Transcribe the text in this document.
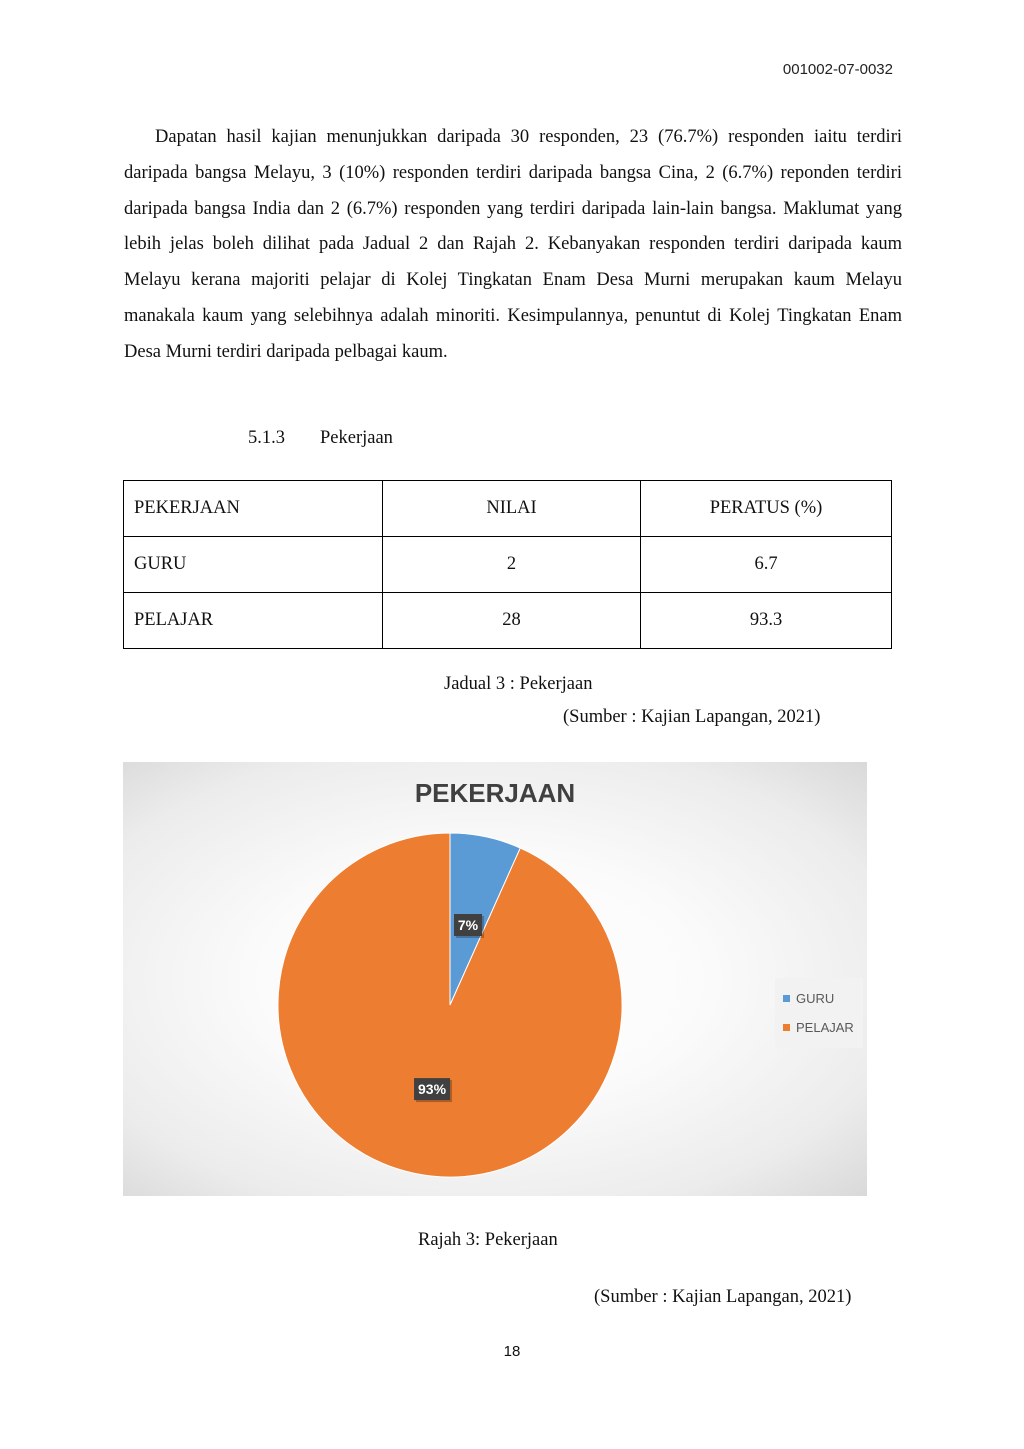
001002-07-0032

Dapatan hasil kajian menunjukkan daripada 30 responden, 23 (76.7%) responden iaitu terdiri daripada bangsa Melayu, 3 (10%) responden terdiri daripada bangsa Cina, 2 (6.7%) reponden terdiri daripada bangsa India dan 2 (6.7%) responden yang terdiri daripada lain-lain bangsa. Maklumat yang lebih jelas boleh dilihat pada Jadual 2 dan Rajah 2. Kebanyakan responden terdiri daripada kaum Melayu kerana majoriti pelajar di Kolej Tingkatan Enam Desa Murni merupakan kaum Melayu manakala kaum yang selebihnya adalah minoriti. Kesimpulannya, penuntut di Kolej Tingkatan Enam Desa Murni terdiri daripada pelbagai kaum.

5.1.3 Pekerjaan
PEKERJAAN	NILAI	PERATUS (%)
GURU	2	6.7
PELAJAR	28	93.3
Jadual 3 : Pekerjaan
(Sumber : Kajian Lapangan, 2021)
PEKERJAAN
7%
93%
GURU
PELAJAR
Rajah 3: Pekerjaan
(Sumber : Kajian Lapangan, 2021)
18
